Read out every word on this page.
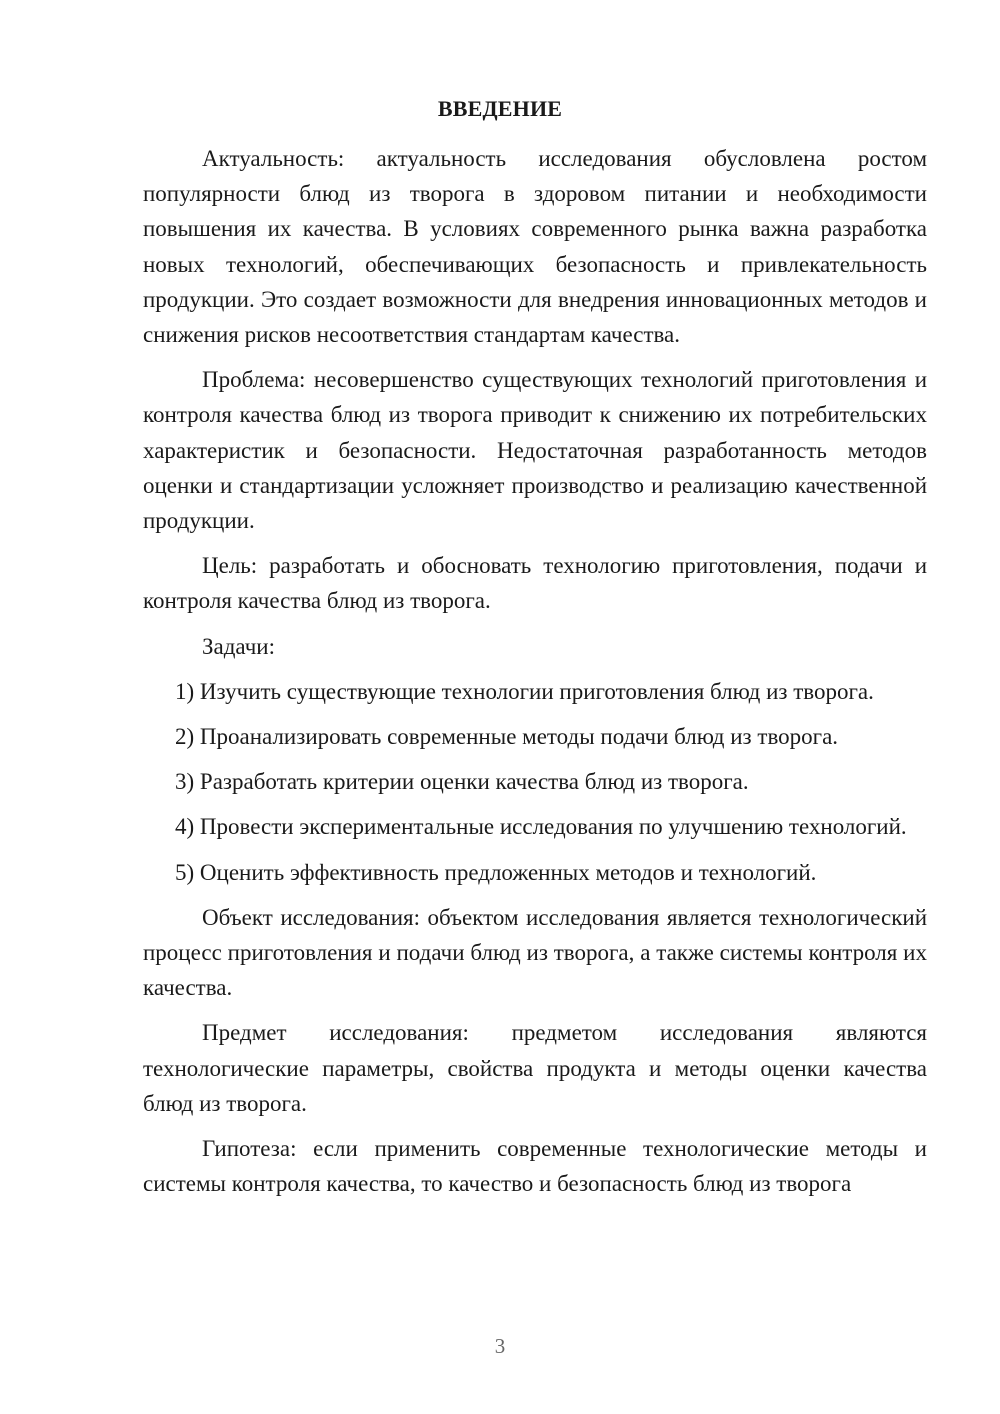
ВВЕДЕНИЕ

Актуальность: актуальность исследования обусловлена ростом популярности блюд из творога в здоровом питании и необходимости повышения их качества. В условиях современного рынка важна разработка новых технологий, обеспечивающих безопасность и привлекательность продукции. Это создает возможности для внедрения инновационных методов и снижения рисков несоответствия стандартам качества.

Проблема: несовершенство существующих технологий приготовления и контроля качества блюд из творога приводит к снижению их потребительских характеристик и безопасности. Недостаточная разработанность методов оценки и стандартизации усложняет производство и реализацию качественной продукции.

Цель: разработать и обосновать технологию приготовления, подачи и контроля качества блюд из творога.

Задачи:

1) Изучить существующие технологии приготовления блюд из творога.

2) Проанализировать современные методы подачи блюд из творога.

3) Разработать критерии оценки качества блюд из творога.

4) Провести экспериментальные исследования по улучшению технологий.

5) Оценить эффективность предложенных методов и технологий.

Объект исследования: объектом исследования является технологический процесс приготовления и подачи блюд из творога, а также системы контроля их качества.

Предмет исследования: предметом исследования являются технологические параметры, свойства продукта и методы оценки качества блюд из творога.

Гипотеза: если применить современные технологические методы и системы контроля качества, то качество и безопасность блюд из творога

3
